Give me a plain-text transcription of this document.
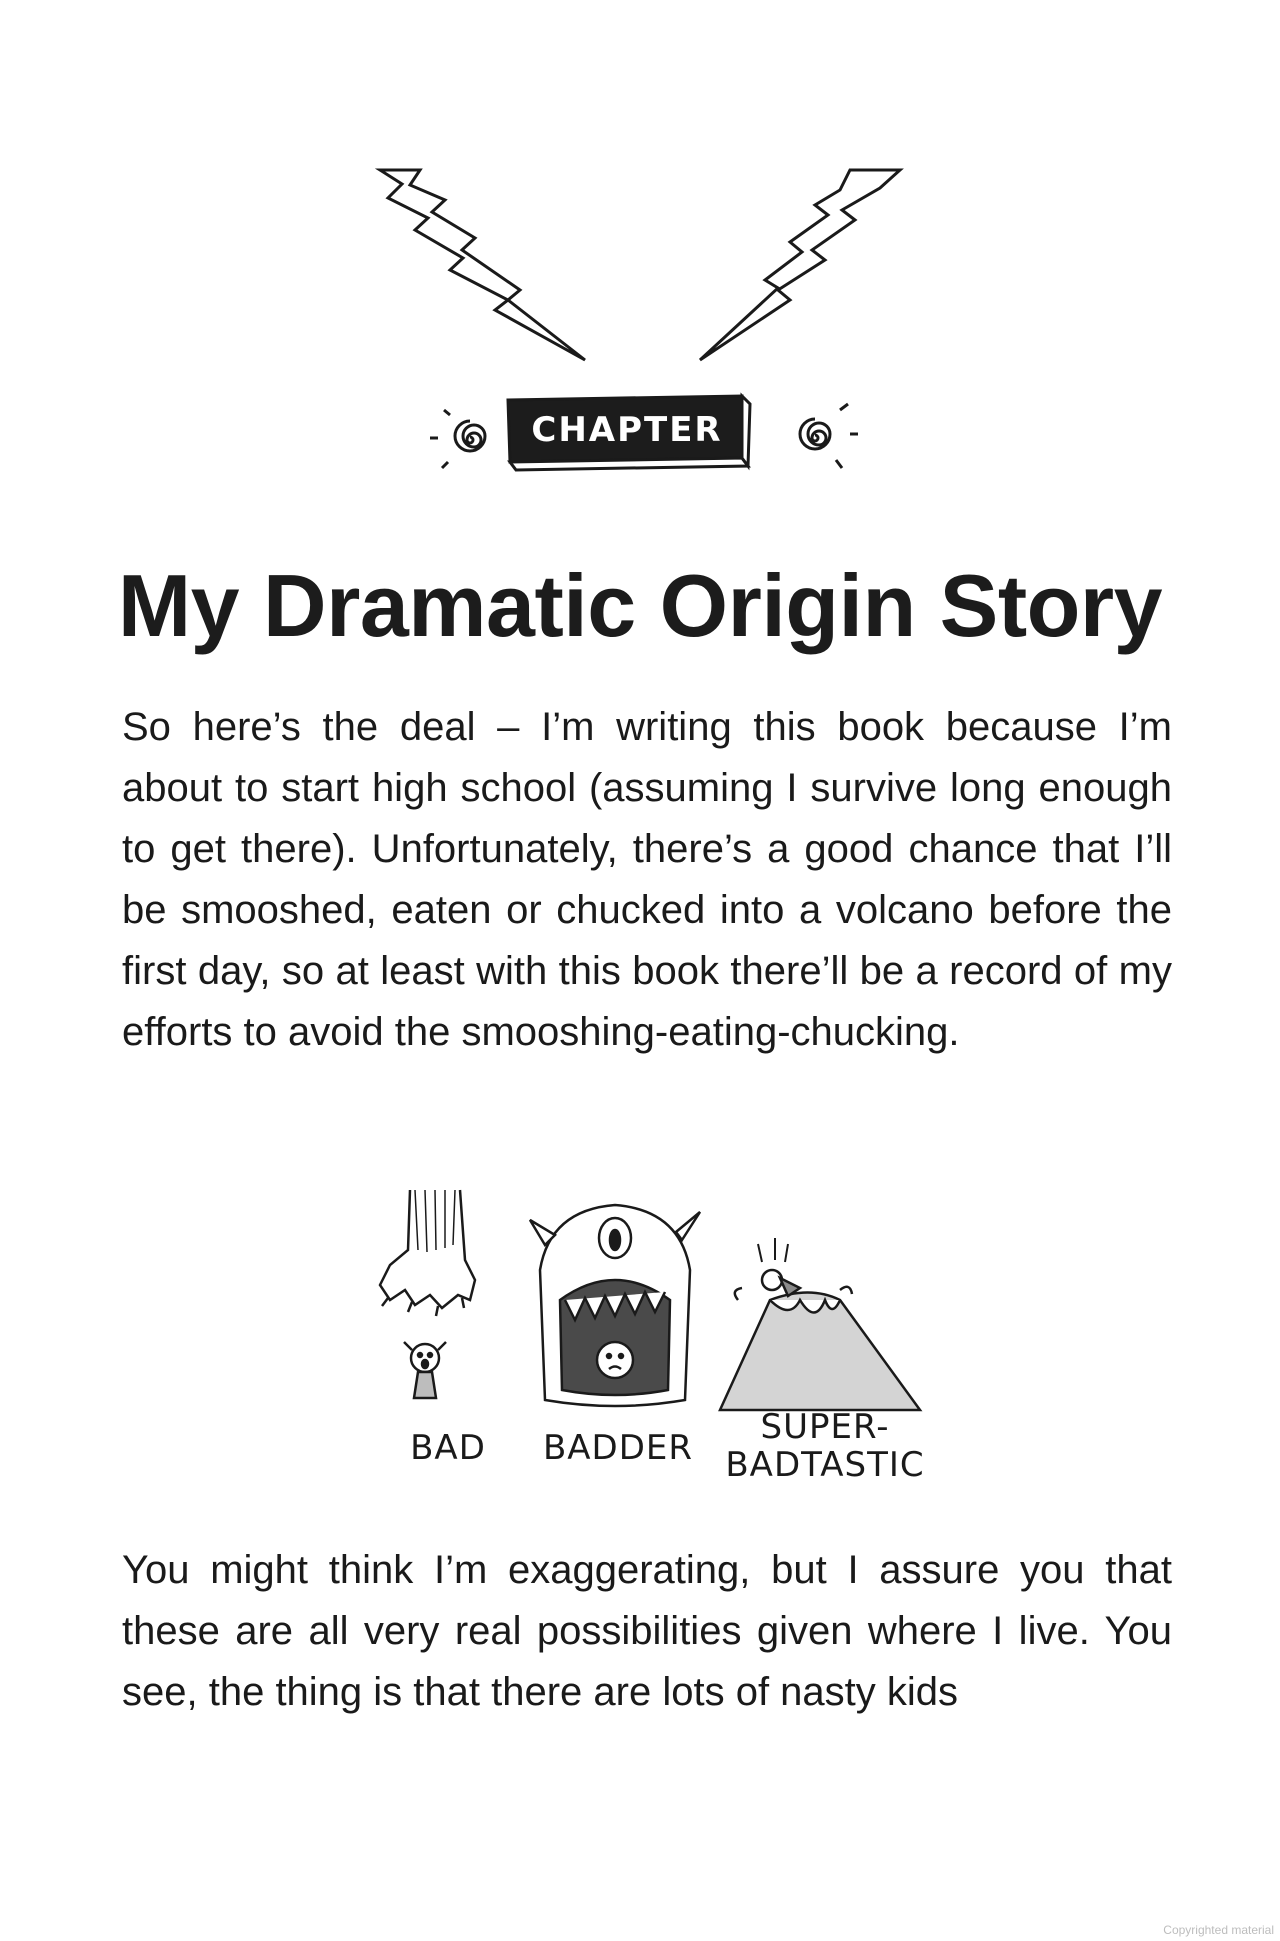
CHAPTER 2
My Dramatic Origin Story

So here’s the deal – I’m writing this book because I’m about to start high school (assuming I survive long enough to get there). Unfortunately, there’s a good chance that I’ll be smooshed, eaten or chucked into a volcano before the first day, so at least with this book there’ll be a record of my efforts to avoid the smooshing-eating-chucking.

BAD	BADDER
SUPER-
BADTASTIC

You might think I’m exaggerating, but I assure you that these are all very real possibilities given where I live. You see, the thing is that there are lots of nasty kids

Copyrighted material
